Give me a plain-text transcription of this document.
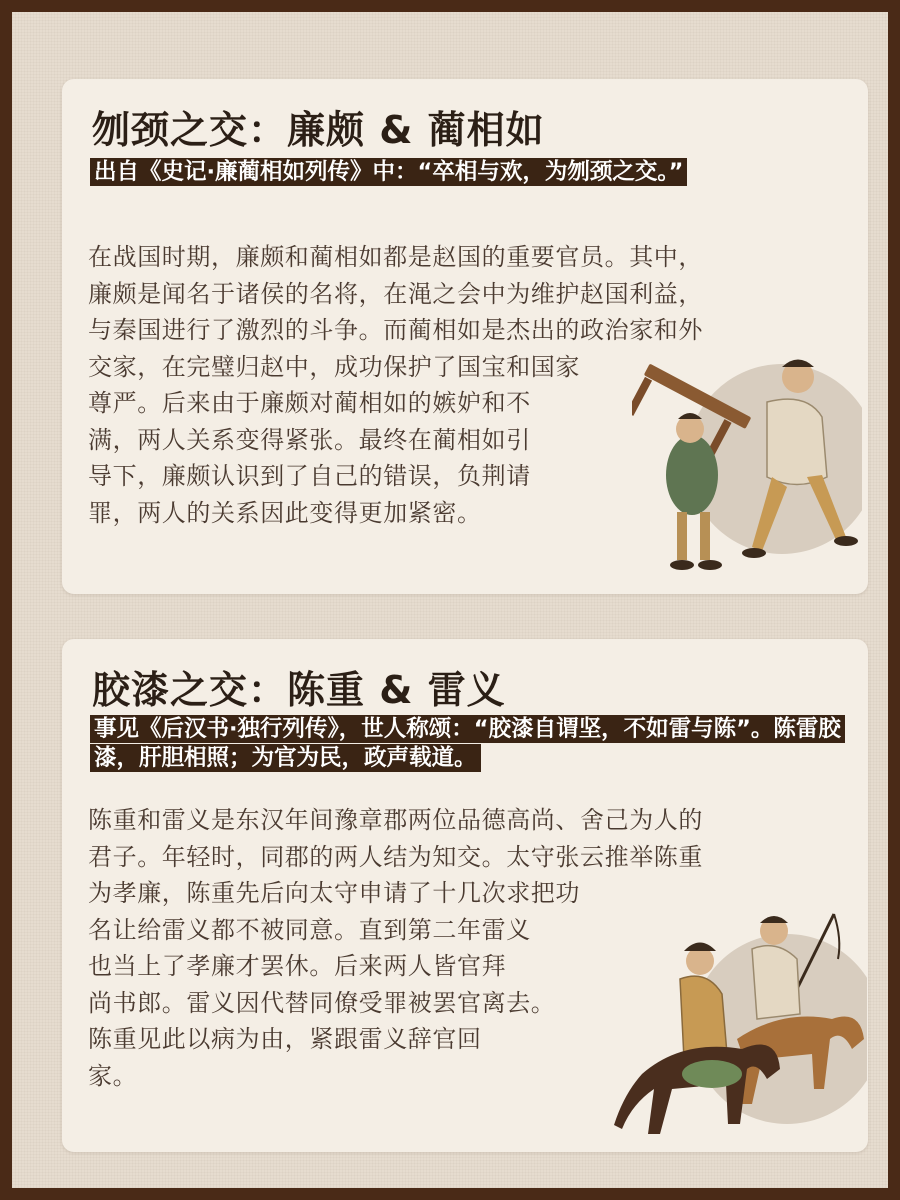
刎颈之交：廉颇 & 蔺相如
出自《史记·廉蔺相如列传》中：“卒相与欢，为刎颈之交。”
在战国时期，廉颇和蔺相如都是赵国的重要官员。其中，
廉颇是闻名于诸侯的名将，在渑之会中为维护赵国利益，
与秦国进行了激烈的斗争。而蔺相如是杰出的政治家和外
交家，在完璧归赵中，成功保护了国宝和国家
尊严。后来由于廉颇对蔺相如的嫉妒和不
满，两人关系变得紧张。最终在蔺相如引
导下，廉颇认识到了自己的错误，负荆请
罪，两人的关系因此变得更加紧密。
胶漆之交：陈重 & 雷义
事见《后汉书·独行列传》，世人称颂：“胶漆自谓坚，不如雷与陈”。陈雷胶漆，肝胆相照；为官为民，政声载道。
陈重和雷义是东汉年间豫章郡两位品德高尚、舍己为人的
君子。年轻时，同郡的两人结为知交。太守张云推举陈重
为孝廉，陈重先后向太守申请了十几次求把功
名让给雷义都不被同意。直到第二年雷义
也当上了孝廉才罢休。后来两人皆官拜
尚书郎。雷义因代替同僚受罪被罢官离去。
陈重见此以病为由，紧跟雷义辞官回
家。
